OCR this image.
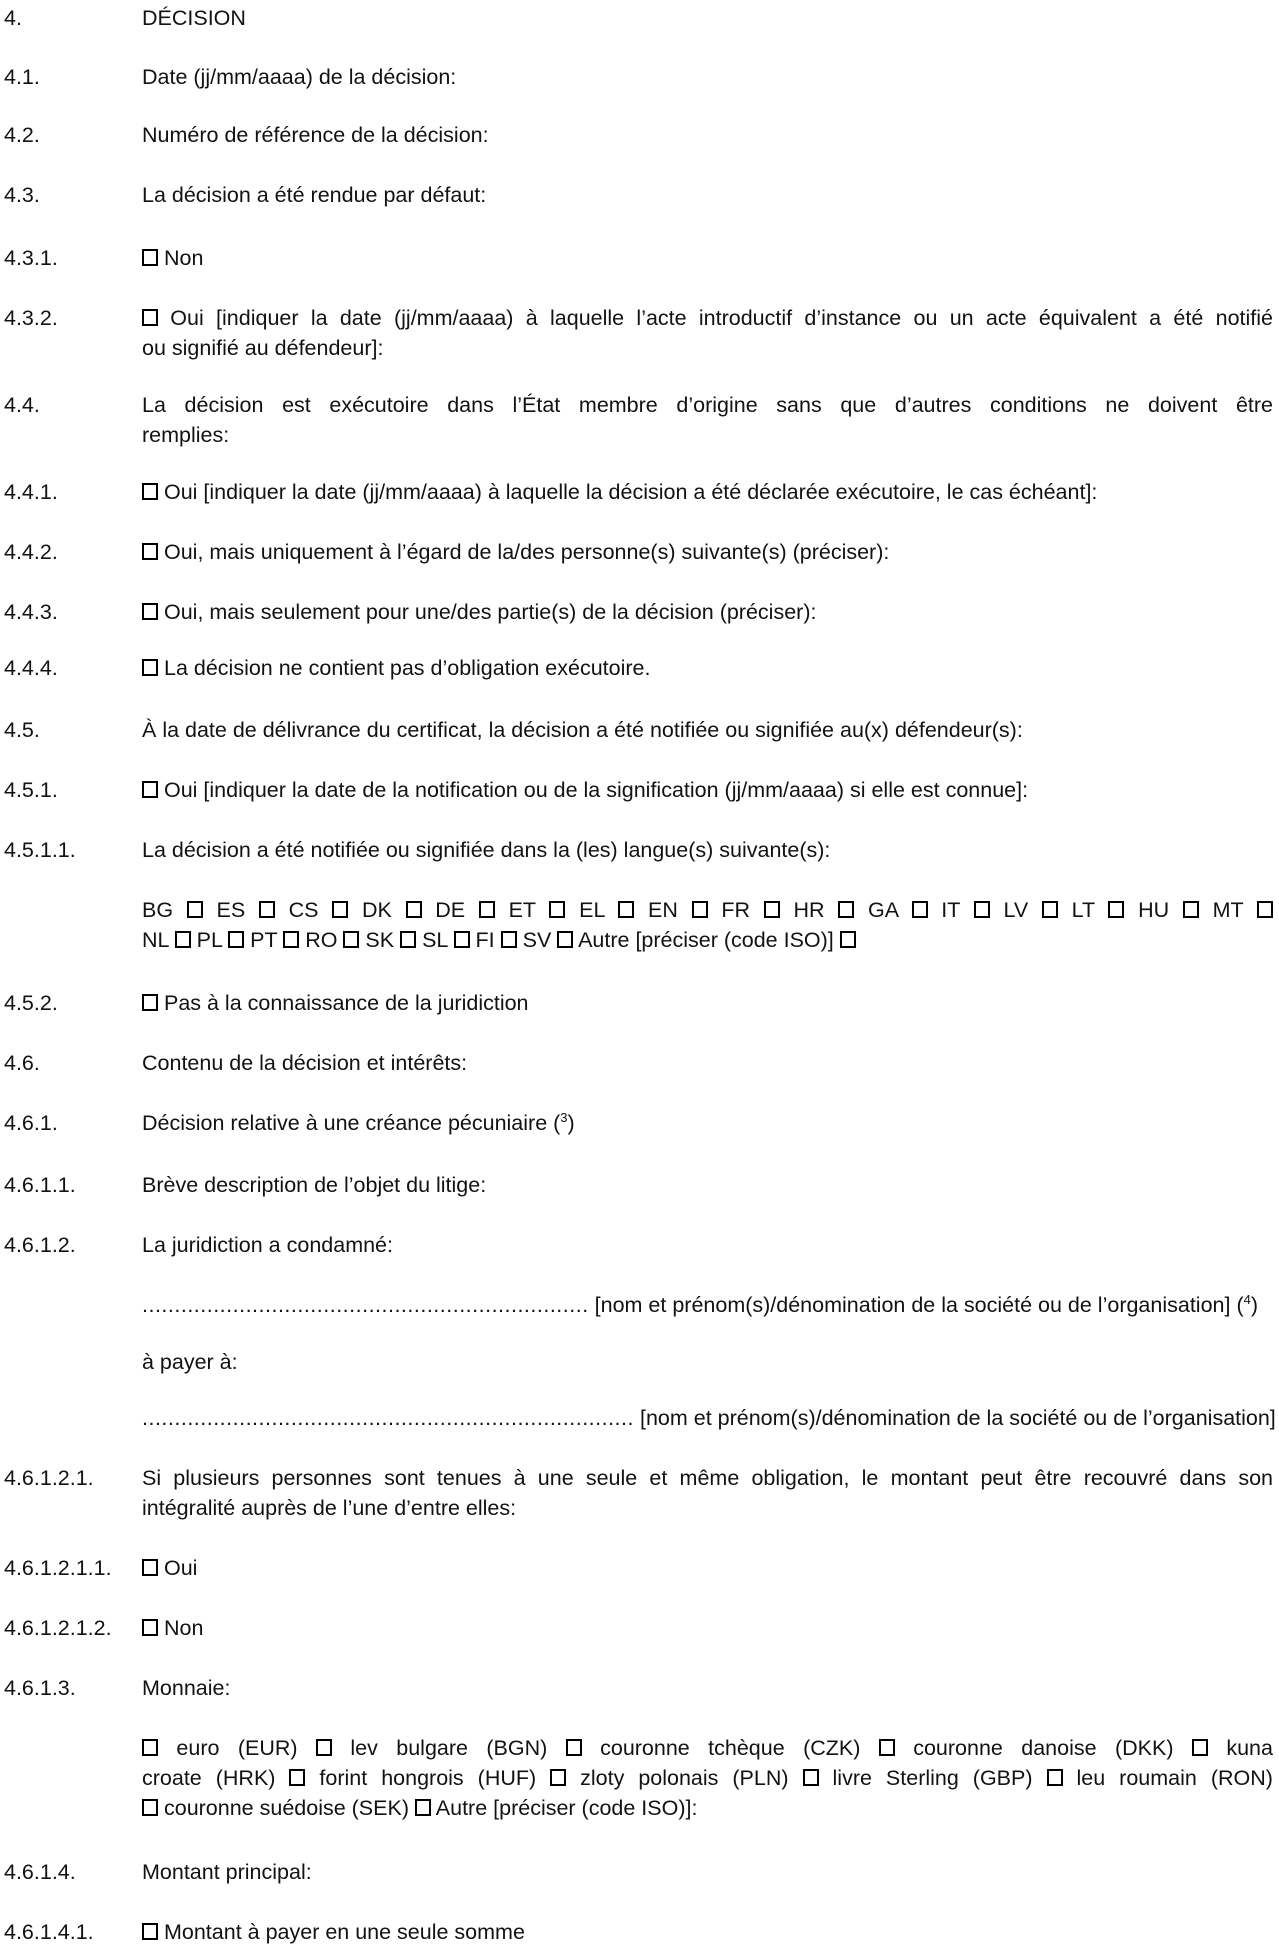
4.	DÉCISION
4.1.	Date (jj/mm/aaaa) de la décision:
4.2.	Numéro de référence de la décision:
4.3.	La décision a été rendue par défaut:
4.3.1.	Non
4.3.2.	Oui [indiquer la date (jj/mm/aaaa) à laquelle l’acte introductif d’instance ou un acte équivalent a été notifié
ou signifié au défendeur]:
4.4.	La décision est exécutoire dans l’État membre d’origine sans que d’autres conditions ne doivent être
remplies:
4.4.1.	Oui [indiquer la date (jj/mm/aaaa) à laquelle la décision a été déclarée exécutoire, le cas échéant]:
4.4.2.	Oui, mais uniquement à l’égard de la/des personne(s) suivante(s) (préciser):
4.4.3.	Oui, mais seulement pour une/des partie(s) de la décision (préciser):
4.4.4.	La décision ne contient pas d’obligation exécutoire.
4.5.	À la date de délivrance du certificat, la décision a été notifiée ou signifiée au(x) défendeur(s):
4.5.1.	Oui [indiquer la date de la notification ou de la signification (jj/mm/aaaa) si elle est connue]:
4.5.1.1.	La décision a été notifiée ou signifiée dans la (les) langue(s) suivante(s):
BG ES CS DK DE ET EL EN FR HR GA IT LV LT HU MT
NL PL PT RO SK SL FI SV Autre [préciser (code ISO)]
4.5.2.	Pas à la connaissance de la juridiction
4.6.	Contenu de la décision et intérêts:
4.6.1.	Décision relative à une créance pécuniaire ($^3$)
4.6.1.1.	Brève description de l’objet du litige:
4.6.1.2.	La juridiction a condamné:
..................................................................... [nom et prénom(s)/dénomination de la société ou de l’organisation] ($^4$)
à payer à:
............................................................................ [nom et prénom(s)/dénomination de la société ou de l’organisation]
4.6.1.2.1. Si plusieurs personnes sont tenues à une seule et même obligation, le montant peut être recouvré dans son
intégralité auprès de l’une d’entre elles:
4.6.1.2.1.1.	Oui
4.6.1.2.1.2.	Non
4.6.1.3.	Monnaie:
euro (EUR) lev bulgare (BGN) couronne tchèque (CZK) couronne danoise (DKK) kuna
croate (HRK) forint hongrois (HUF) zloty polonais (PLN) livre Sterling (GBP) leu roumain (RON)
couronne suédoise (SEK) Autre [préciser (code ISO)]:
4.6.1.4.	Montant principal:
4.6.1.4.1.	Montant à payer en une seule somme
